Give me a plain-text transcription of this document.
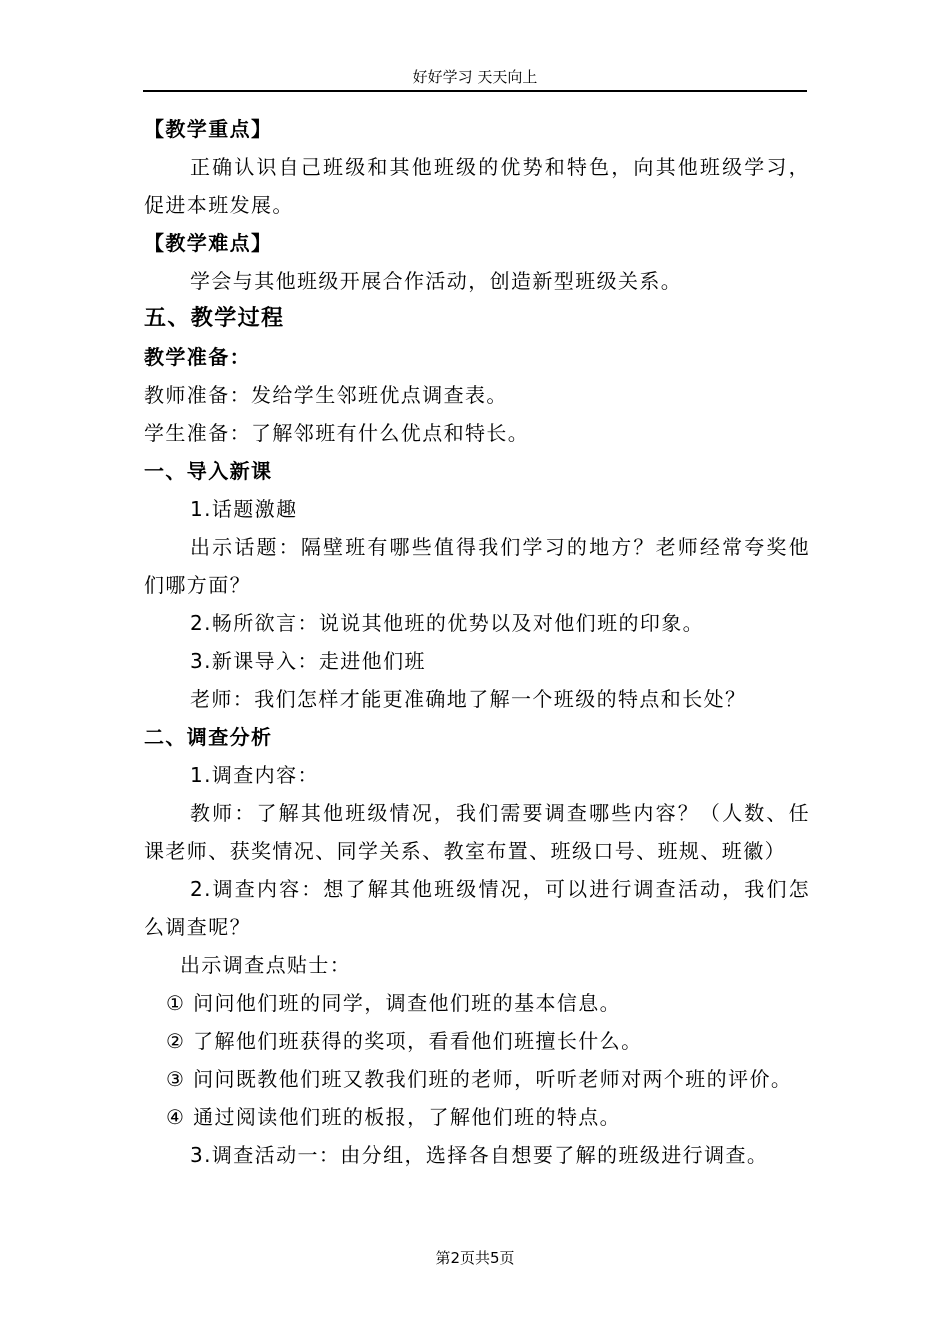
好好学习 天天向上
【教学重点】
正确认识自己班级和其他班级的优势和特色，向其他班级学习，促进本班发展。
【教学难点】
学会与其他班级开展合作活动，创造新型班级关系。
五、教学过程
教学准备：
教师准备：发给学生邻班优点调查表。
学生准备：了解邻班有什么优点和特长。
一、导入新课
1.话题激趣
出示话题：隔壁班有哪些值得我们学习的地方？老师经常夸奖他们哪方面？
2.畅所欲言：说说其他班的优势以及对他们班的印象。
3.新课导入：走进他们班
老师：我们怎样才能更准确地了解一个班级的特点和长处？
二、调查分析
1.调查内容：
教师：了解其他班级情况，我们需要调查哪些内容？（人数、任课老师、获奖情况、同学关系、教室布置、班级口号、班规、班徽）
2.调查内容：想了解其他班级情况，可以进行调查活动，我们怎么调查呢？
出示调查点贴士：
① 问问他们班的同学，调查他们班的基本信息。
② 了解他们班获得的奖项，看看他们班擅长什么。
③ 问问既教他们班又教我们班的老师，听听老师对两个班的评价。
④ 通过阅读他们班的板报，了解他们班的特点。
3.调查活动一：由分组，选择各自想要了解的班级进行调查。
第2页共5页
